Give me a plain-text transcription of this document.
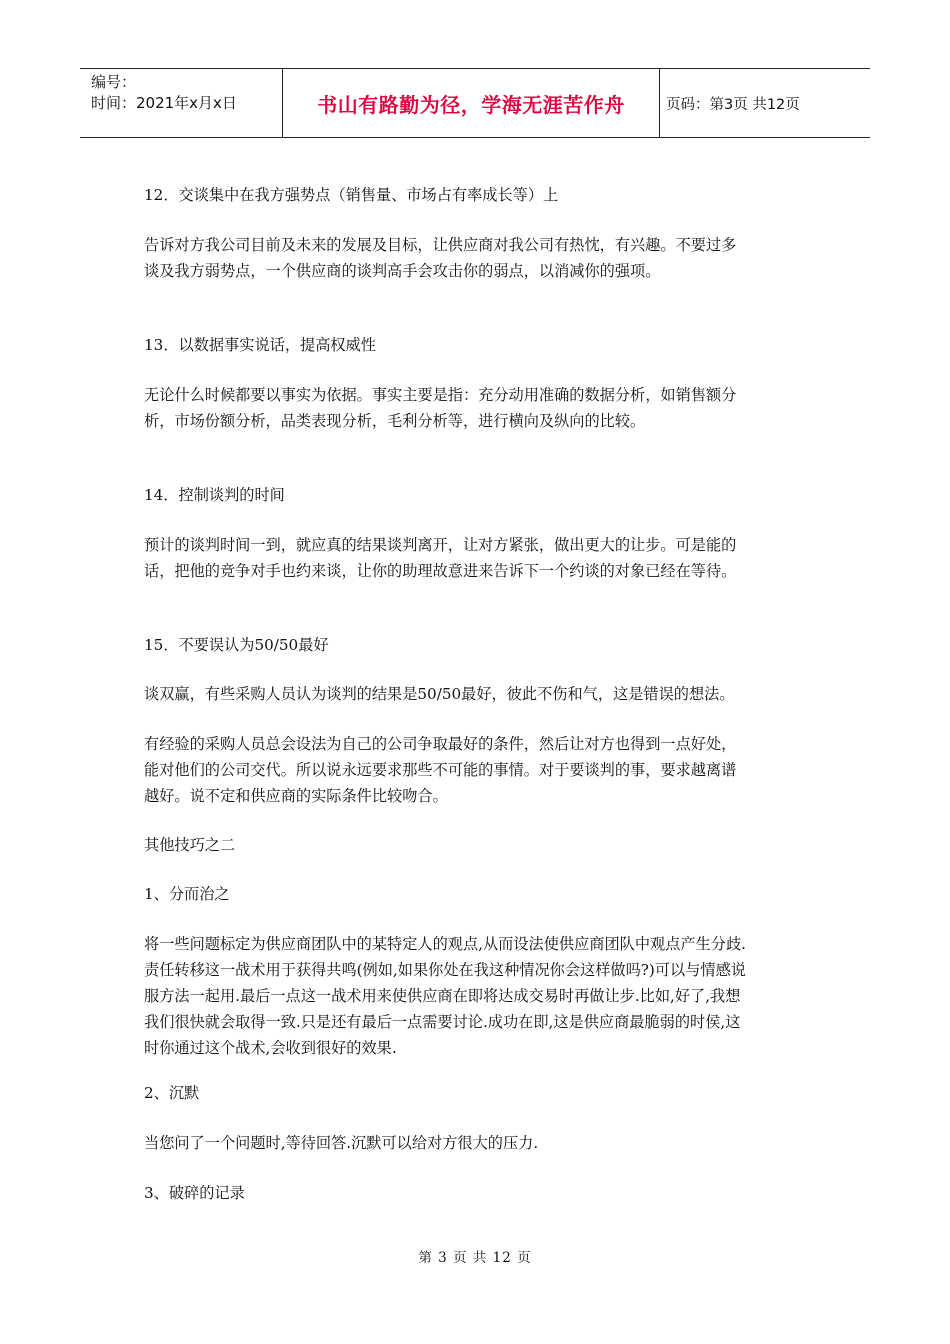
编号：
时间：2021年x月x日	书山有路勤为径，学海无涯苦作舟	页码：第3页 共12页
12．交谈集中在我方强势点（销售量、市场占有率成长等）上
告诉对方我公司目前及未来的发展及目标，让供应商对我公司有热忱，有兴趣。不要过多
谈及我方弱势点，一个供应商的谈判高手会攻击你的弱点，以消减你的强项。
13．以数据事实说话，提高权威性
无论什么时候都要以事实为依据。事实主要是指：充分动用准确的数据分析，如销售额分
析，市场份额分析，品类表现分析，毛利分析等，进行横向及纵向的比较。
14．控制谈判的时间
预计的谈判时间一到，就应真的结果谈判离开，让对方紧张，做出更大的让步。可是能的
话，把他的竞争对手也约来谈，让你的助理故意进来告诉下一个约谈的对象已经在等待。
15．不要误认为50/50最好
谈双赢，有些采购人员认为谈判的结果是50/50最好，彼此不伤和气，这是错误的想法。
有经验的采购人员总会设法为自己的公司争取最好的条件，然后让对方也得到一点好处，
能对他们的公司交代。所以说永远要求那些不可能的事情。对于要谈判的事，要求越离谱
越好。说不定和供应商的实际条件比较吻合。
其他技巧之二
1、分而治之
将一些问题标定为供应商团队中的某特定人的观点,从而设法使供应商团队中观点产生分歧.
责任转移这一战术用于获得共鸣(例如,如果你处在我这种情况你会这样做吗?)可以与情感说
服方法一起用.最后一点这一战术用来使供应商在即将达成交易时再做让步.比如,好了,我想
我们很快就会取得一致.只是还有最后一点需要讨论.成功在即,这是供应商最脆弱的时侯,这
时你通过这个战术,会收到很好的效果.
2、沉默
当您问了一个问题时,等待回答.沉默可以给对方很大的压力.
3、破碎的记录
第 3 页 共 12 页
